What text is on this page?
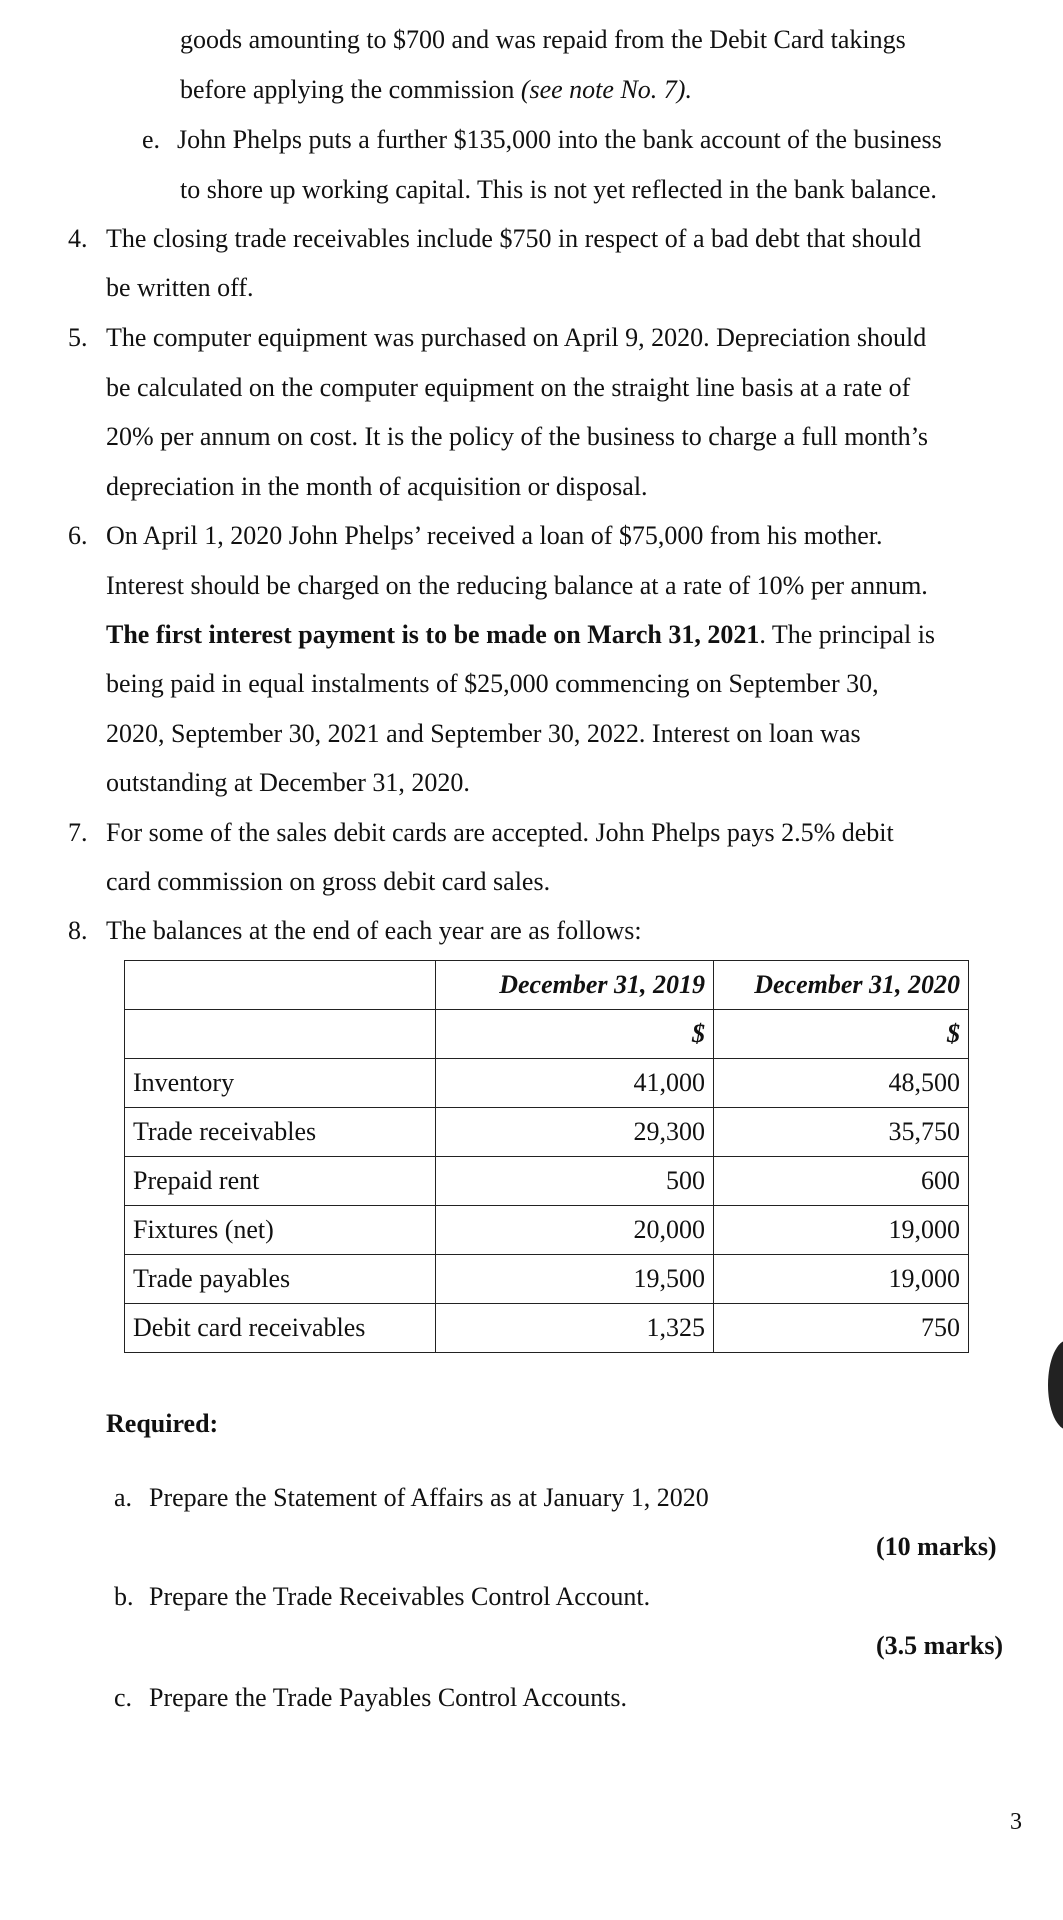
goods amounting to $700 and was repaid from the Debit Card takings
before applying the commission (see note No. 7).
e. John Phelps puts a further $135,000 into the bank account of the business
to shore up working capital. This is not yet reflected in the bank balance.
4. The closing trade receivables include $750 in respect of a bad debt that should
be written off.
5. The computer equipment was purchased on April 9, 2020. Depreciation should
be calculated on the computer equipment on the straight line basis at a rate of
20% per annum on cost. It is the policy of the business to charge a full month’s
depreciation in the month of acquisition or disposal.
6. On April 1, 2020 John Phelps’ received a loan of $75,000 from his mother.
Interest should be charged on the reducing balance at a rate of 10% per annum.
The first interest payment is to be made on March 31, 2021. The principal is
being paid in equal instalments of $25,000 commencing on September 30,
2020, September 30, 2021 and September 30, 2022. Interest on loan was
outstanding at December 31, 2020.
7. For some of the sales debit cards are accepted. John Phelps pays 2.5% debit
card commission on gross debit card sales.
8. The balances at the end of each year are as follows:
	December 31, 2019	December 31, 2020
	$	$
Inventory	41,000	48,500
Trade receivables	29,300	35,750
Prepaid rent	500	600
Fixtures (net)	20,000	19,000
Trade payables	19,500	19,000
Debit card receivables	1,325	750
Required:
a. Prepare the Statement of Affairs as at January 1, 2020
(10 marks)
b. Prepare the Trade Receivables Control Account.
(3.5 marks)
c. Prepare the Trade Payables Control Accounts.
3
